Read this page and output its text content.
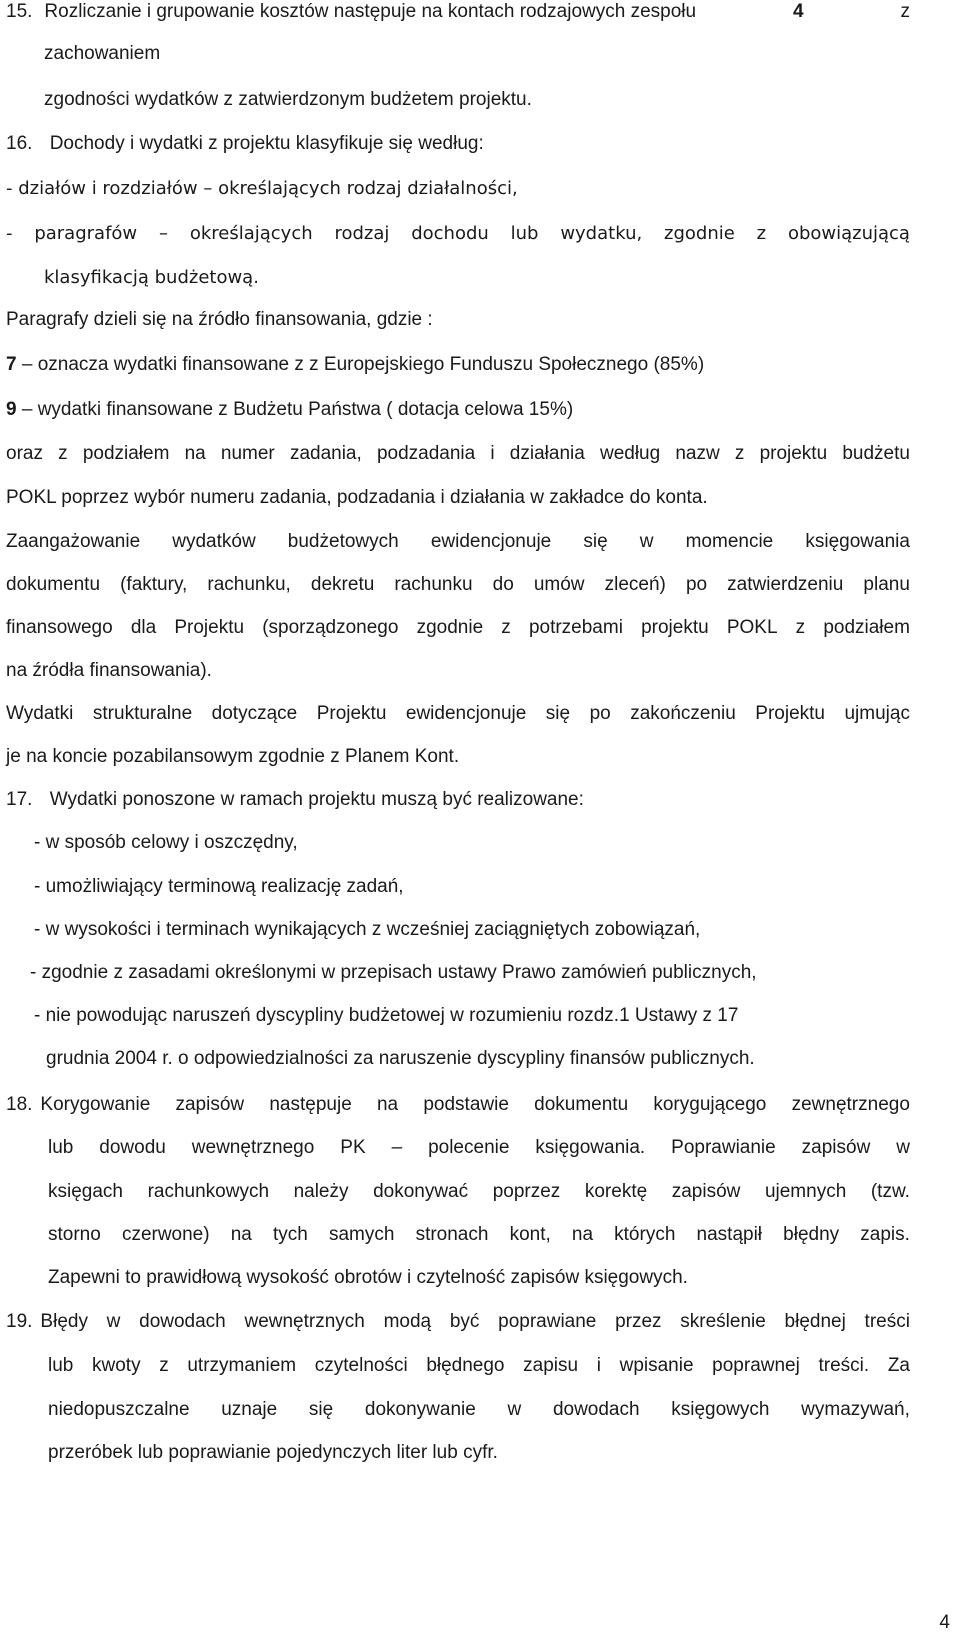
15. Rozliczanie i grupowanie kosztów następuje na kontach rodzajowych zespołu	4	z
zachowaniem
zgodności wydatków z zatwierdzonym budżetem projektu.
16. Dochody i wydatki z projektu klasyfikuje się według:
- działów i rozdziałów – określających rodzaj działalności,
- paragrafów – określających rodzaj dochodu lub wydatku, zgodnie z obowiązującą
klasyfikacją budżetową.
Paragrafy dzieli się na źródło finansowania, gdzie :
7 – oznacza wydatki finansowane z z Europejskiego Funduszu Społecznego (85%)
9 – wydatki finansowane z Budżetu Państwa ( dotacja celowa 15%)
oraz z podziałem na numer zadania, podzadania i działania według nazw z projektu budżetu
POKL poprzez wybór numeru zadania, podzadania i działania w zakładce do konta.
Zaangażowanie wydatków budżetowych ewidencjonuje się w momencie księgowania
dokumentu (faktury, rachunku, dekretu rachunku do umów zleceń) po zatwierdzeniu planu
finansowego dla Projektu (sporządzonego zgodnie z potrzebami projektu POKL z podziałem
na źródła finansowania).
Wydatki strukturalne dotyczące Projektu ewidencjonuje się po zakończeniu Projektu ujmując
je na koncie pozabilansowym zgodnie z Planem Kont.
17. Wydatki ponoszone w ramach projektu muszą być realizowane:
- w sposób celowy i oszczędny,
- umożliwiający terminową realizację zadań,
- w wysokości i terminach wynikających z wcześniej zaciągniętych zobowiązań,
- zgodnie z zasadami określonymi w przepisach ustawy Prawo zamówień publicznych,
- nie powodując naruszeń dyscypliny budżetowej w rozumieniu rozdz.1 Ustawy z 17
grudnia 2004 r. o odpowiedzialności za naruszenie dyscypliny finansów publicznych.
18. Korygowanie zapisów następuje na podstawie dokumentu korygującego zewnętrznego
lub dowodu wewnętrznego PK – polecenie księgowania. Poprawianie zapisów w
księgach rachunkowych należy dokonywać poprzez korektę zapisów ujemnych (tzw.
storno czerwone) na tych samych stronach kont, na których nastąpił błędny zapis.
Zapewni to prawidłową wysokość obrotów i czytelność zapisów księgowych.
19. Błędy w dowodach wewnętrznych modą być poprawiane przez skreślenie błędnej treści
lub kwoty z utrzymaniem czytelności błędnego zapisu i wpisanie poprawnej treści. Za
niedopuszczalne uznaje się dokonywanie w dowodach księgowych wymazywań,
przeróbek lub poprawianie pojedynczych liter lub cyfr.
4
